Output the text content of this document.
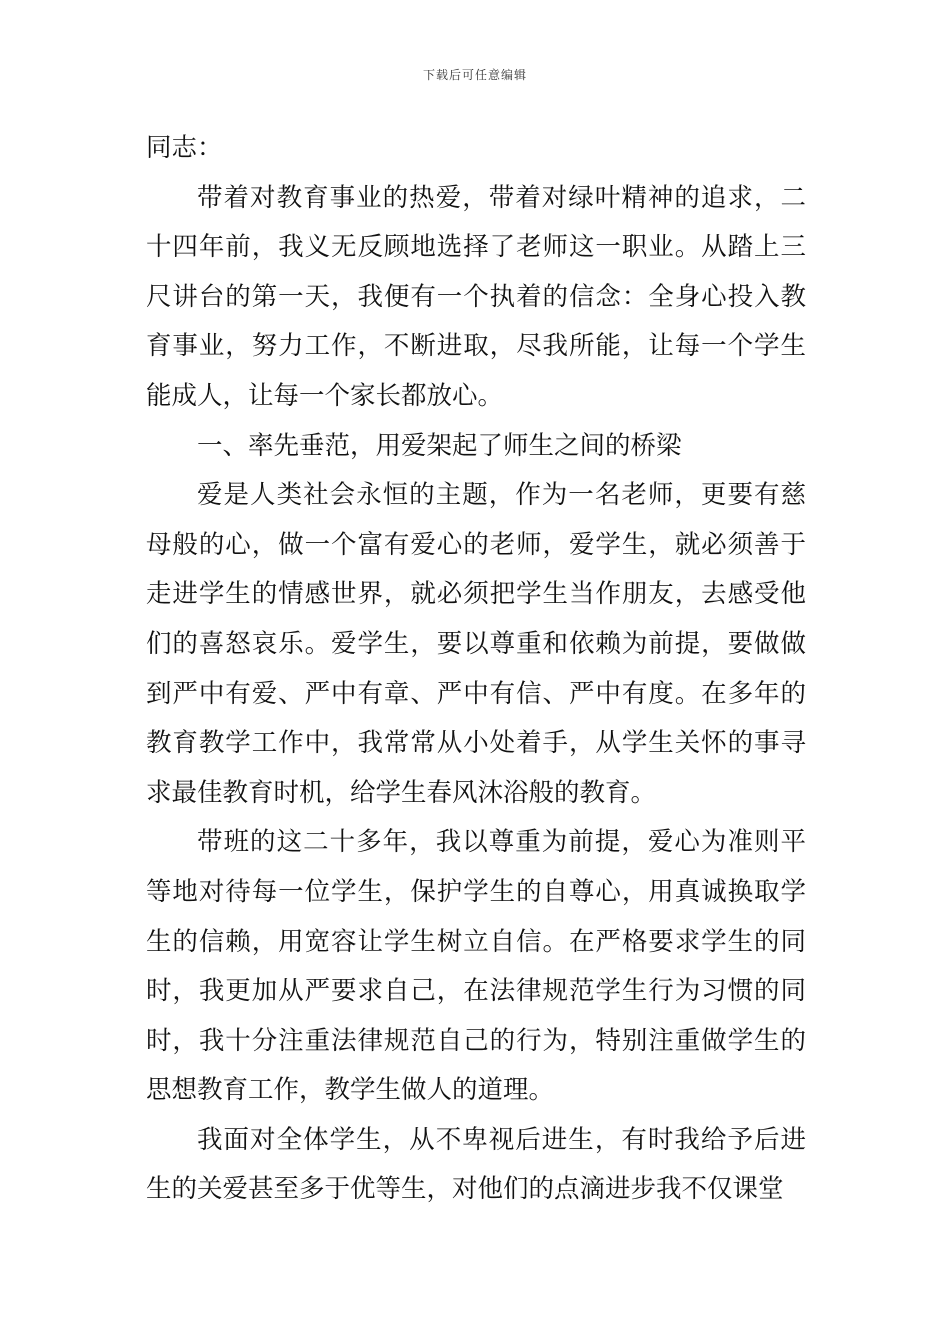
下载后可任意编辑

同志：

带着对教育事业的热爱，带着对绿叶精神的追求，二十四年前，我义无反顾地选择了老师这一职业。从踏上三尺讲台的第一天，我便有一个执着的信念：全身心投入教育事业，努力工作，不断进取，尽我所能，让每一个学生能成人，让每一个家长都放心。

一、率先垂范，用爱架起了师生之间的桥梁

爱是人类社会永恒的主题，作为一名老师，更要有慈母般的心，做一个富有爱心的老师，爱学生，就必须善于走进学生的情感世界，就必须把学生当作朋友，去感受他们的喜怒哀乐。爱学生，要以尊重和依赖为前提，要做做到严中有爱、严中有章、严中有信、严中有度。在多年的教育教学工作中，我常常从小处着手，从学生关怀的事寻求最佳教育时机，给学生春风沐浴般的教育。

带班的这二十多年，我以尊重为前提，爱心为准则平等地对待每一位学生，保护学生的自尊心，用真诚换取学生的信赖，用宽容让学生树立自信。在严格要求学生的同时，我更加从严要求自己，在法律规范学生行为习惯的同时，我十分注重法律规范自己的行为，特别注重做学生的思想教育工作，教学生做人的道理。

我面对全体学生，从不卑视后进生，有时我给予后进生的关爱甚至多于优等生，对他们的点滴进步我不仅课堂
